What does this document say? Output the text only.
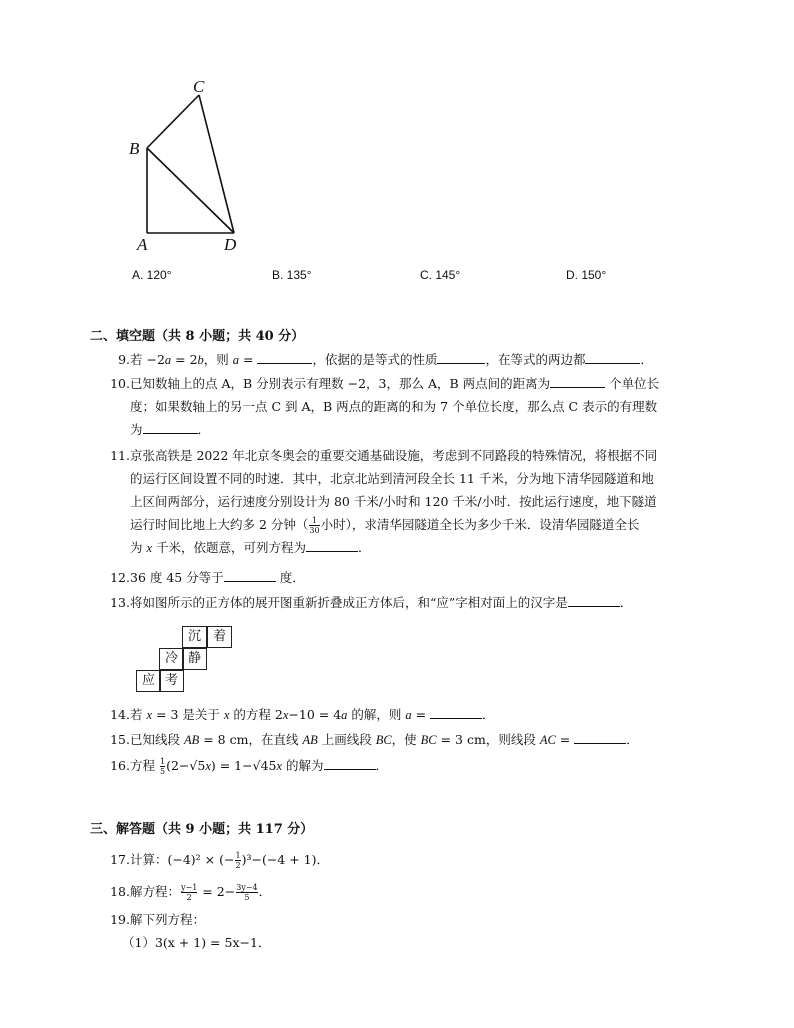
C
B
A	D
A. 120°	B. 135°	C. 145°	D. 150°
二、填空题（共 8 小题；共 40 分）
9.若 −2a = 2b，则 a =	，依据的是等式的性质	，在等式的两边都	．
10.已知数轴上的点 A，B 分别表示有理数 −2，3，那么 A，B 两点间的距离为	个单位长
度；如果数轴上的另一点 C 到 A，B 两点的距离的和为 7 个单位长度，那么点 C 表示的有理数
为	．
11.京张高铁是 2022 年北京冬奥会的重要交通基础设施，考虑到不同路段的特殊情况，将根据不同
的运行区间设置不同的时速．其中，北京北站到清河段全长 11 千米，分为地下清华园隧道和地
上区间两部分，运行速度分别设计为 80 千米/小时和 120 千米/小时．按此运行速度，地下隧道
运行时间比地上大约多 2 分钟（ $\frac{1}{30}$ 小时），求清华园隧道全长为多少千米．设清华园隧道全长
为 x 千米，依题意，可列方程为	．
12.36 度 45 分等于	度．
13.将如图所示的正方体的展开图重新折叠成正方体后，和“应”字相对面上的汉字是	．
沉 着
冷 静
应 考
14.若 x = 3 是关于 x 的方程 2x−10 = 4a 的解，则 a =	．
15.已知线段 AB = 8 cm，在直线 AB 上画线段 BC，使 BC = 3 cm，则线段 AC =	．
16.方程 $\frac{1}{5} (2-√5x) = 1-√45x$ 的解为	．
三、解答题（共 9 小题；共 117 分）
17.计算：(−4)² × (− $\frac{1}{2} )^3-(-4 + 1)$．
18.解方程： $\frac{y-1}{2} = 2- \frac{3y-4}{5}$ ．
19.解下列方程：
（1）3(x + 1) = 5x−1．
